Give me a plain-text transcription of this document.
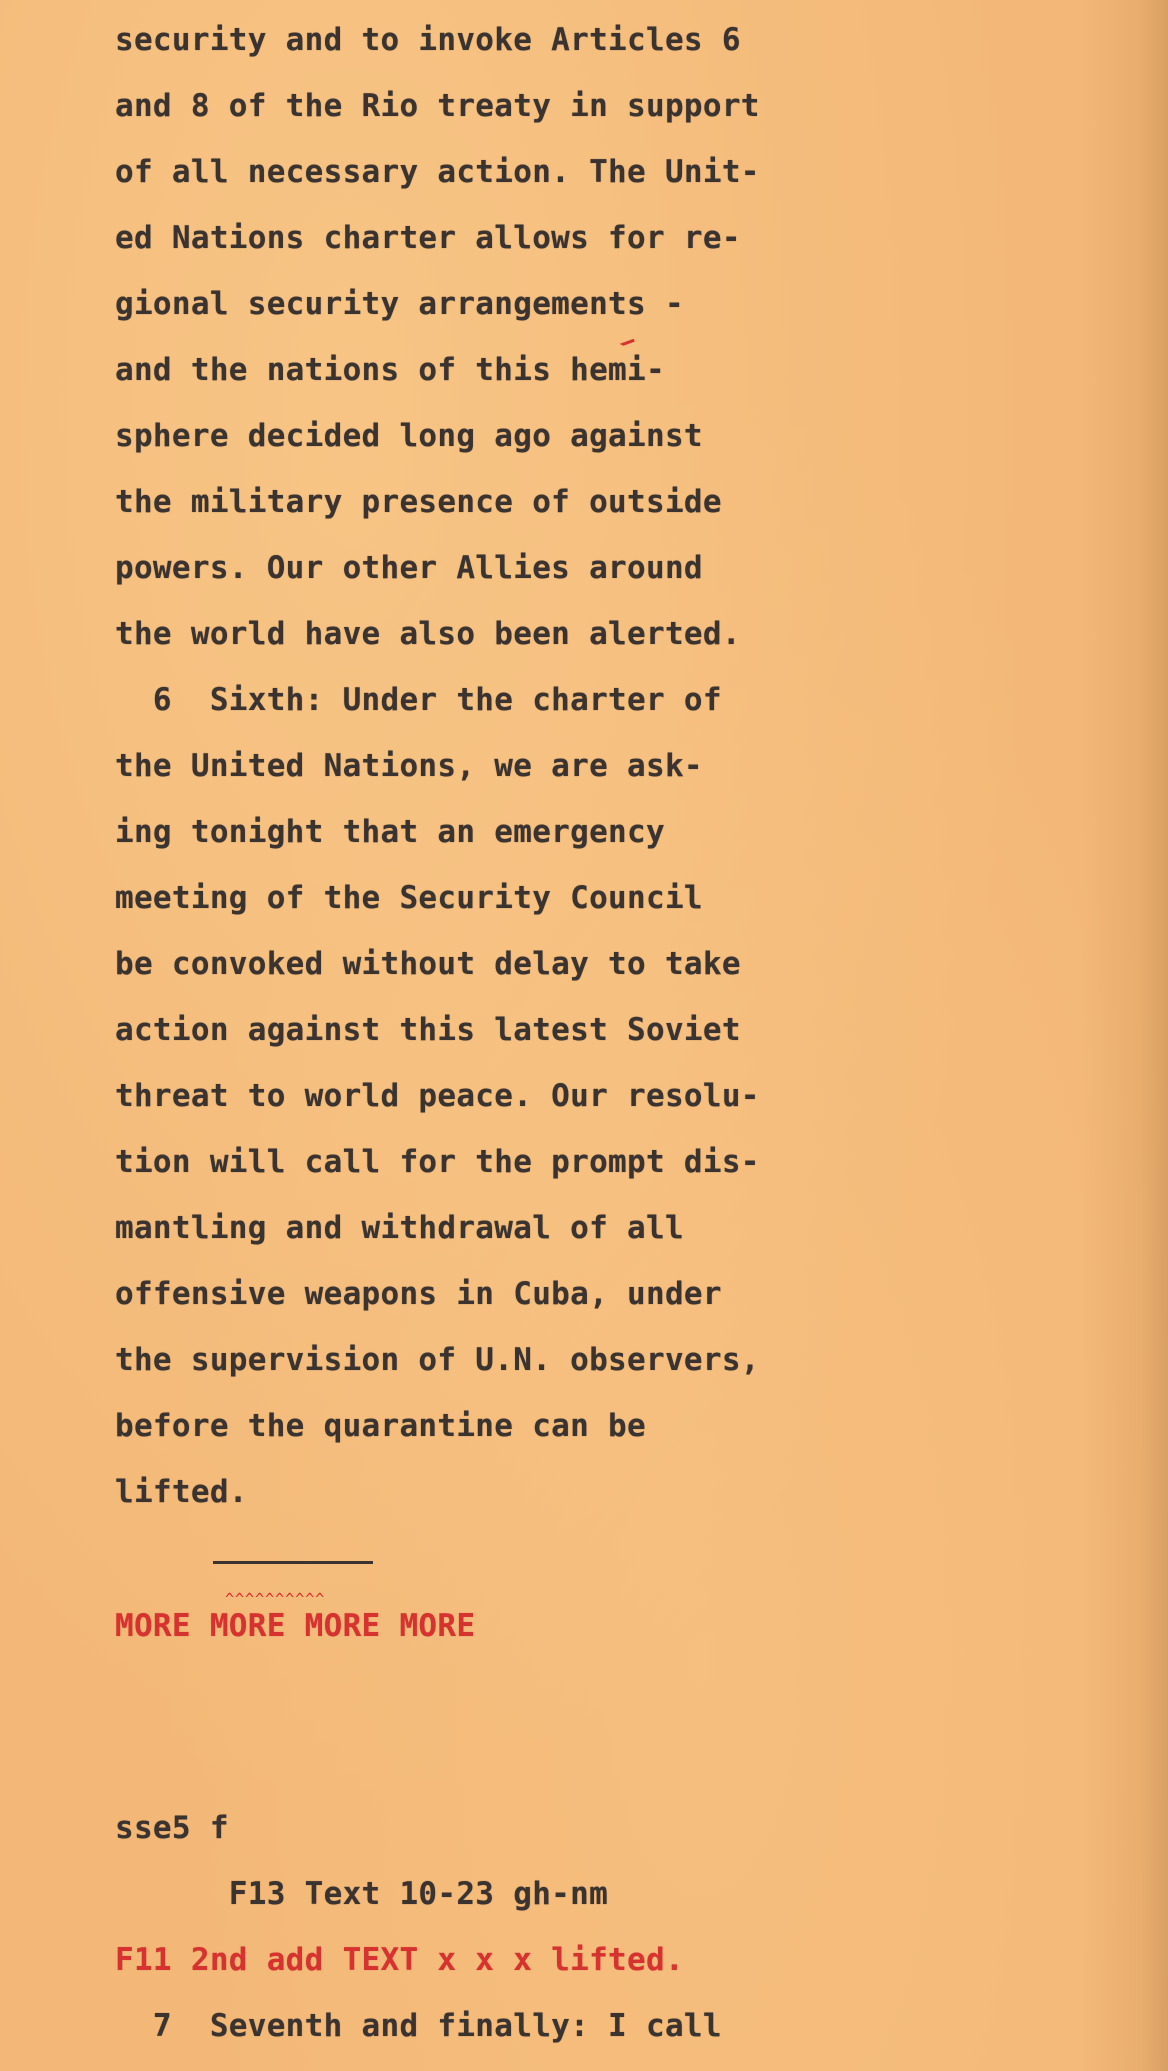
security and to invoke Articles 6
and 8 of the Rio treaty in support
of all necessary action. The Unit-
ed Nations charter allows for re-
gional security arrangements -
and the nations of this hemi-
sphere decided long ago against
the military presence of outside
powers. Our other Allies around
the world have also been alerted.
6  Sixth: Under the charter of
the United Nations, we are ask-
ing tonight that an emergency
meeting of the Security Council
be convoked without delay to take
action against this latest Soviet
threat to world peace. Our resolu-
tion will call for the prompt dis-
mantling and withdrawal of all
offensive weapons in Cuba, under
the supervision of U.N. observers,
before the quarantine can be
lifted.
^^^^^^^^^^
MORE MORE MORE MORE
sse5 f
F13 Text 10-23 gh-nm
F11 2nd add TEXT x x x lifted.
7  Seventh and finally: I call
